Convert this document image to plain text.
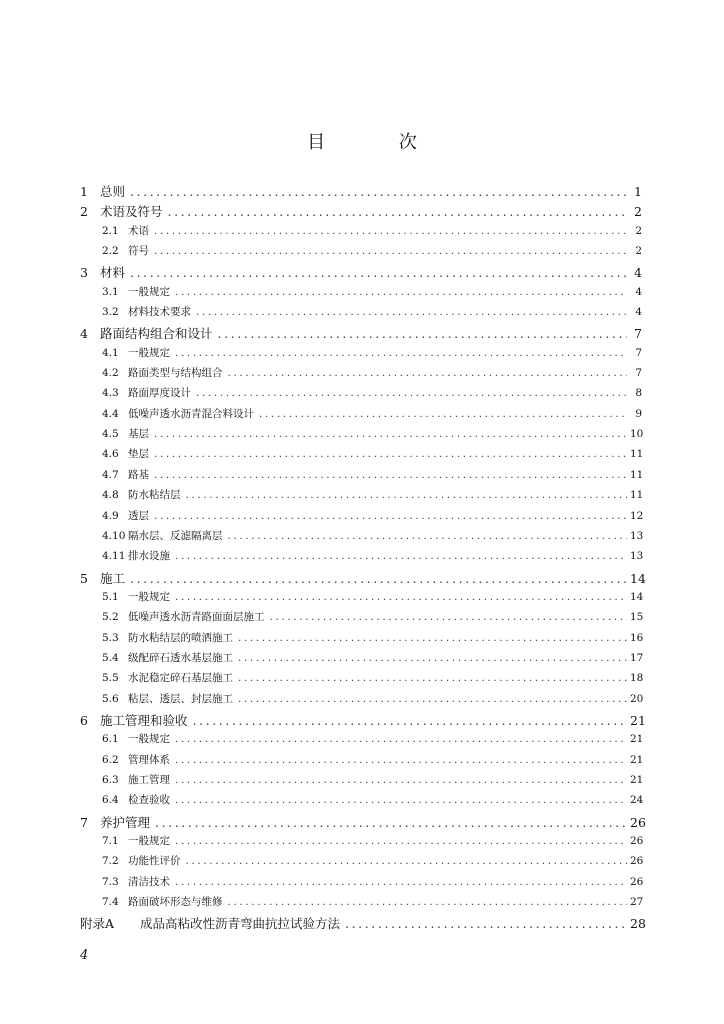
目 次
1 总则 .....	1
2 术语及符号 .....	2
2.1 术语 .....	2
2.2 符号 .....	2
3 材料 .....	4
3.1 一般规定 .....	4
3.2 材料技术要求 .....	4
4 路面结构组合和设计 .....	7
4.1 一般规定 .....	7
4.2 路面类型与结构组合 .....	7
4.3 路面厚度设计 .....	8
4.4 低噪声透水沥青混合料设计 .....	9
4.5 基层 .....	10
4.6 垫层 .....	11
4.7 路基 .....	11
4.8 防水粘结层 .....	11
4.9 透层 .....	12
4.10 隔水层、反滤隔离层 .....	13
4.11 排水设施 .....	13
5 施工 .....	14
5.1 一般规定 .....	14
5.2 低噪声透水沥青路面面层施工 .....	15
5.3 防水粘结层的喷洒施工 .....	16
5.4 级配碎石透水基层施工 .....	17
5.5 水泥稳定碎石基层施工 .....	18
5.6 粘层、透层、封层施工 .....	20
6 施工管理和验收 .....	21
6.1 一般规定 .....	21
6.2 管理体系 .....	21
6.3 施工管理 .....	21
6.4 检查验收 .....	24
7 养护管理 .....	26
7.1 一般规定 .....	26
7.2 功能性评价 .....	26
7.3 清洁技术 .....	26
7.4 路面破坏形态与维修 .....	27
附录A	成品高粘改性沥青弯曲抗拉试验方法 .....	28
4
